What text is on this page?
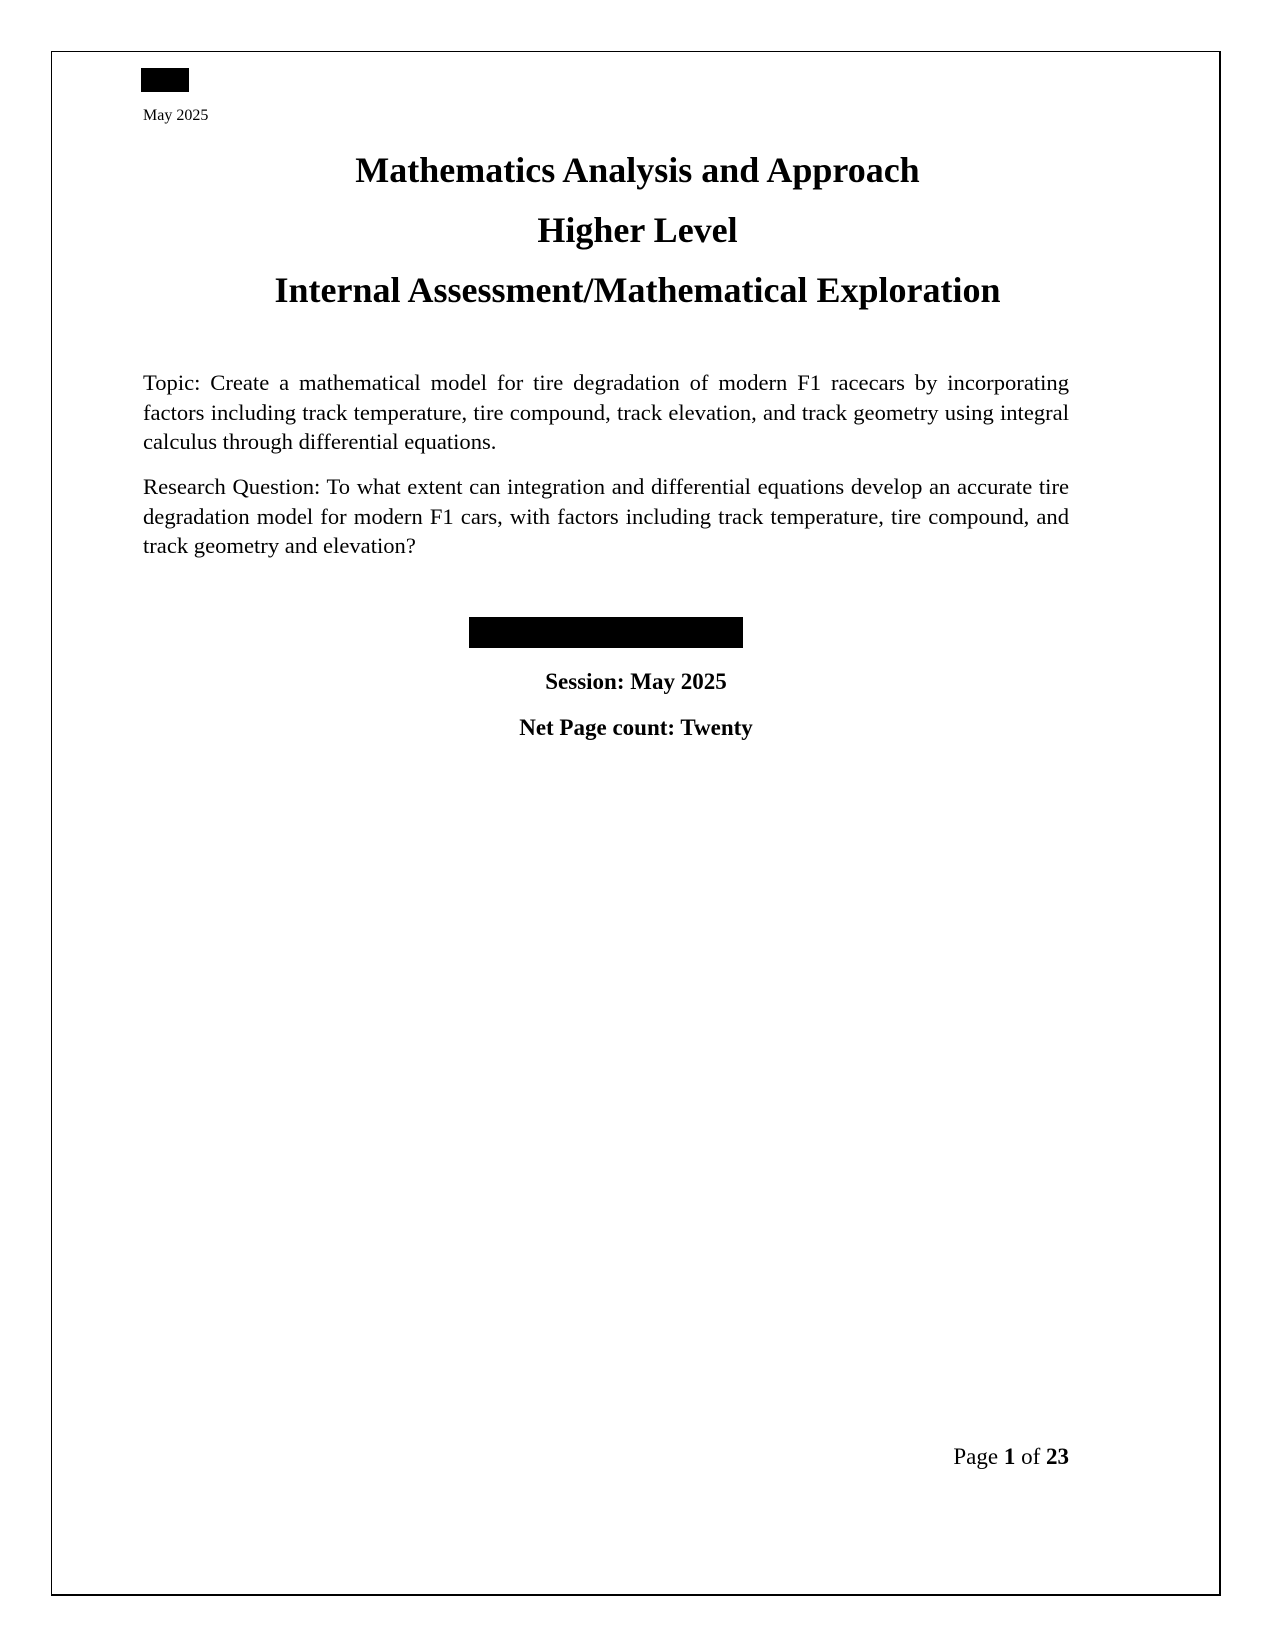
May 2025
Mathematics Analysis and Approach
Higher Level
Internal Assessment/Mathematical Exploration

Topic: Create a mathematical model for tire degradation of modern F1 racecars by incorporating factors including track temperature, tire compound, track elevation, and track geometry using integral calculus through differential equations.

Research Question: To what extent can integration and differential equations develop an accurate tire degradation model for modern F1 cars, with factors including track temperature, tire compound, and track geometry and elevation?

Session: May 2025
Net Page count: Twenty
Page 1 of 23
